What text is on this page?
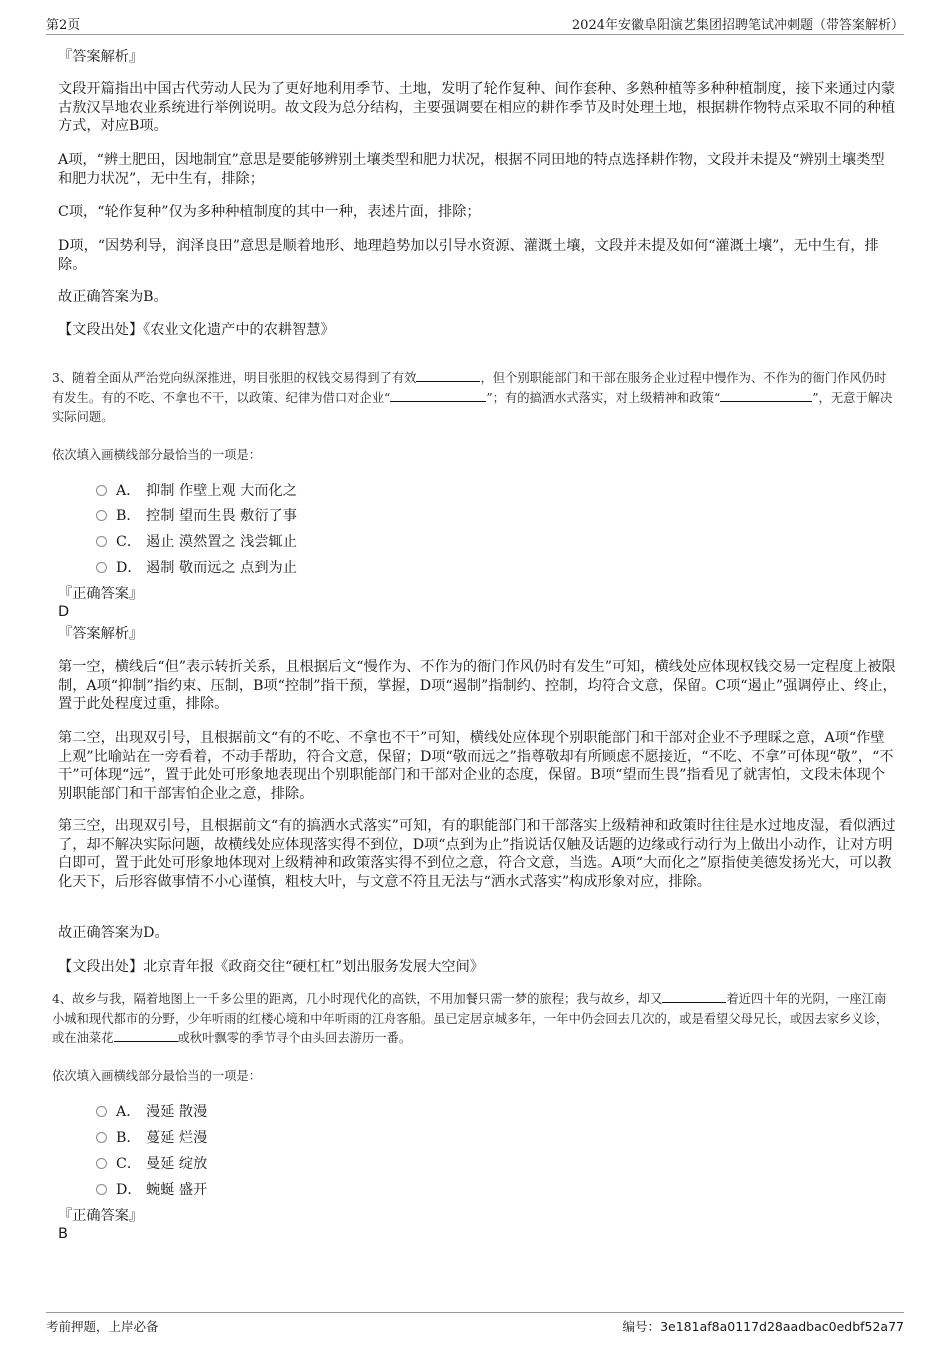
第2页	2024年安徽阜阳演艺集团招聘笔试冲刺题（带答案解析）
『答案解析』
文段开篇指出中国古代劳动人民为了更好地利用季节、土地，发明了轮作复种、间作套种、多熟种植等多种种植制度，接下来通过内蒙古敖汉旱地农业系统进行举例说明。故文段为总分结构，主要强调要在相应的耕作季节及时处理土地，根据耕作物特点采取不同的种植方式，对应B项。
A项，“辨土肥田，因地制宜”意思是要能够辨别土壤类型和肥力状况，根据不同田地的特点选择耕作物，文段并未提及“辨别土壤类型和肥力状况”，无中生有，排除；
C项，“轮作复种”仅为多种种植制度的其中一种，表述片面，排除；
D项，“因势利导，润泽良田”意思是顺着地形、地理趋势加以引导水资源、灌溉土壤，文段并未提及如何“灌溉土壤”，无中生有，排除。
故正确答案为B。
【文段出处】《农业文化遗产中的农耕智慧》
3、随着全面从严治党向纵深推进，明目张胆的权钱交易得到了有效	，但个别职能部门和干部在服务企业过程中慢作为、不作为的衙门作风仍时有发生。有的不吃、不拿也不干，以政策、纪律为借口对企业“	”；有的搞洒水式落实，对上级精神和政策“	”，无意于解决实际问题。
依次填入画横线部分最恰当的一项是：
A． 抑制 作壁上观 大而化之
B． 控制 望而生畏 敷衍了事
C． 遏止 漠然置之 浅尝辄止
D． 遏制 敬而远之 点到为止
『正确答案』
D
『答案解析』
第一空，横线后“但”表示转折关系，且根据后文“慢作为、不作为的衙门作风仍时有发生”可知，横线处应体现权钱交易一定程度上被限制，A项“抑制”指约束、压制，B项“控制”指干预，掌握，D项“遏制”指制约、控制，均符合文意，保留。C项“遏止”强调停止、终止，置于此处程度过重，排除。
第二空，出现双引号，且根据前文“有的不吃、不拿也不干”可知，横线处应体现个别职能部门和干部对企业不予理睬之意，A项“作壁上观”比喻站在一旁看着，不动手帮助，符合文意，保留；D项“敬而远之”指尊敬却有所顾虑不愿接近，“不吃、不拿”可体现“敬”，“不干”可体现“远”，置于此处可形象地表现出个别职能部门和干部对企业的态度，保留。B项“望而生畏”指看见了就害怕，文段未体现个别职能部门和干部害怕企业之意，排除。
第三空，出现双引号，且根据前文“有的搞洒水式落实”可知，有的职能部门和干部落实上级精神和政策时往往是水过地皮湿，看似洒过了，却不解决实际问题，故横线处应体现落实得不到位，D项“点到为止”指说话仅触及话题的边缘或行动行为上做出小动作，让对方明白即可，置于此处可形象地体现对上级精神和政策落实得不到位之意，符合文意，当选。A项“大而化之”原指使美德发扬光大，可以教化天下，后形容做事情不小心谨慎，粗枝大叶，与文意不符且无法与“洒水式落实”构成形象对应，排除。
故正确答案为D。
【文段出处】北京青年报《政商交往“硬杠杠”划出服务发展大空间》
4、故乡与我，隔着地图上一千多公里的距离，几小时现代化的高铁，不用加餐只需一梦的旅程；我与故乡，却又	着近四十年的光阴，一座江南小城和现代都市的分野，少年听雨的红楼心境和中年听雨的江舟客船。虽已定居京城多年，一年中仍会回去几次的，或是看望父母兄长，或因去家乡义诊，或在油菜花	或秋叶飘零的季节寻个由头回去游历一番。
依次填入画横线部分最恰当的一项是：
A． 漫延 散漫
B． 蔓延 烂漫
C． 曼延 绽放
D． 蜿蜒 盛开
『正确答案』
B
考前押题，上岸必备	编号：3e181af8a0117d28aadbac0edbf52a77
